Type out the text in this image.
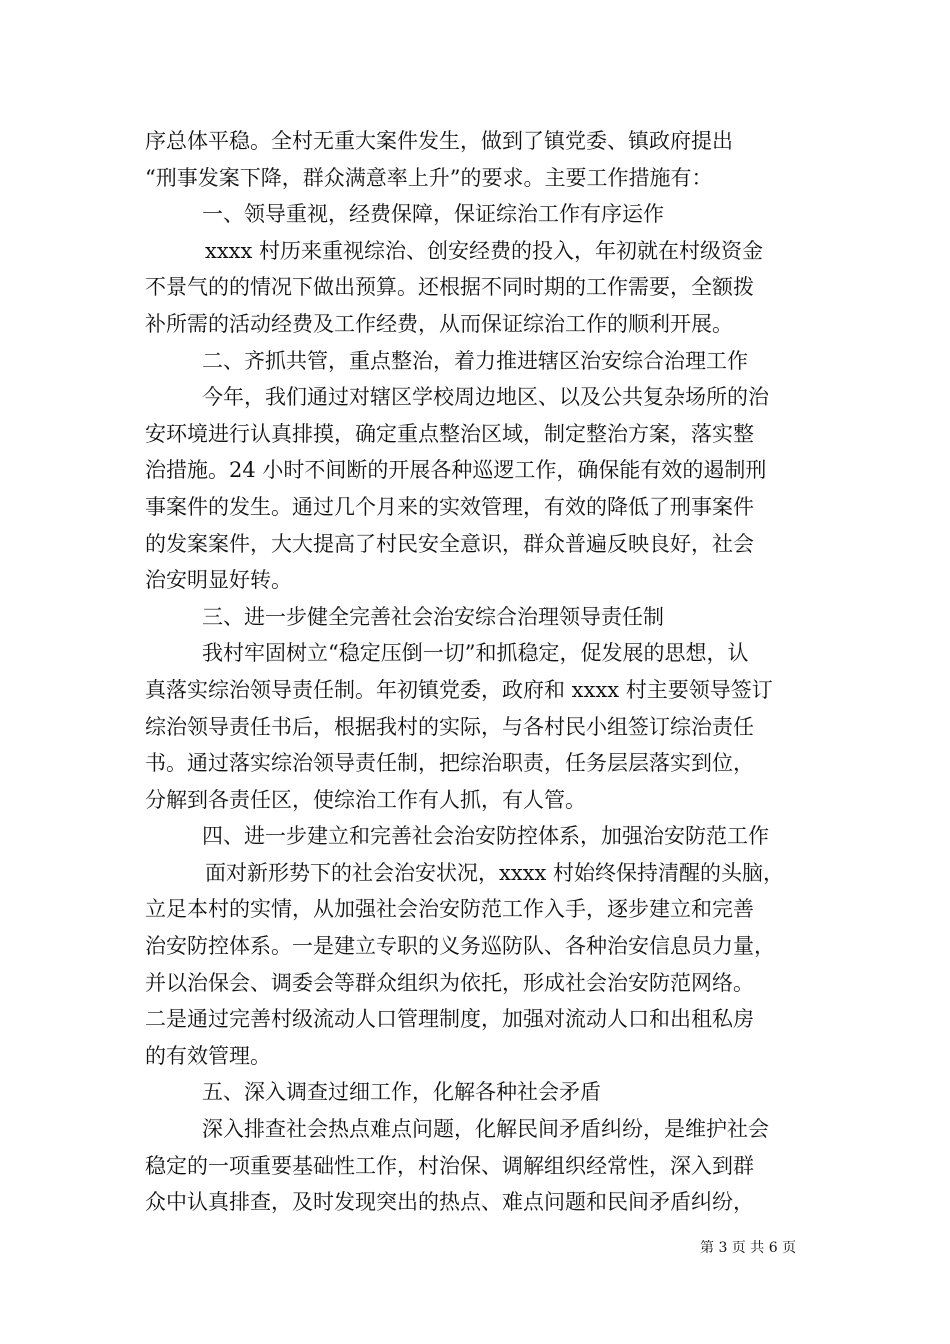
序总体平稳。全村无重大案件发生，做到了镇党委、镇政府提出
“刑事发案下降，群众满意率上升”的要求。主要工作措施有：
一、领导重视，经费保障，保证综治工作有序运作
xxxx 村历来重视综治、创安经费的投入，年初就在村级资金
不景气的的情况下做出预算。还根据不同时期的工作需要，全额拨
补所需的活动经费及工作经费，从而保证综治工作的顺利开展。
二、齐抓共管，重点整治，着力推进辖区治安综合治理工作
今年，我们通过对辖区学校周边地区、以及公共复杂场所的治
安环境进行认真排摸，确定重点整治区域，制定整治方案，落实整
治措施。24 小时不间断的开展各种巡逻工作，确保能有效的遏制刑
事案件的发生。通过几个月来的实效管理，有效的降低了刑事案件
的发案案件，大大提高了村民安全意识，群众普遍反映良好，社会
治安明显好转。
三、进一步健全完善社会治安综合治理领导责任制
我村牢固树立“稳定压倒一切”和抓稳定，促发展的思想，认
真落实综治领导责任制。年初镇党委，政府和 xxxx 村主要领导签订
综治领导责任书后，根据我村的实际，与各村民小组签订综治责任
书。通过落实综治领导责任制，把综治职责，任务层层落实到位，
分解到各责任区，使综治工作有人抓，有人管。
四、进一步建立和完善社会治安防控体系，加强治安防范工作
面对新形势下的社会治安状况，xxxx 村始终保持清醒的头脑，
立足本村的实情，从加强社会治安防范工作入手，逐步建立和完善
治安防控体系。一是建立专职的义务巡防队、各种治安信息员力量，
并以治保会、调委会等群众组织为依托，形成社会治安防范网络。
二是通过完善村级流动人口管理制度，加强对流动人口和出租私房
的有效管理。
五、深入调查过细工作，化解各种社会矛盾
深入排查社会热点难点问题，化解民间矛盾纠纷，是维护社会
稳定的一项重要基础性工作，村治保、调解组织经常性，深入到群
众中认真排查，及时发现突出的热点、难点问题和民间矛盾纠纷，
第 3 页 共 6 页
